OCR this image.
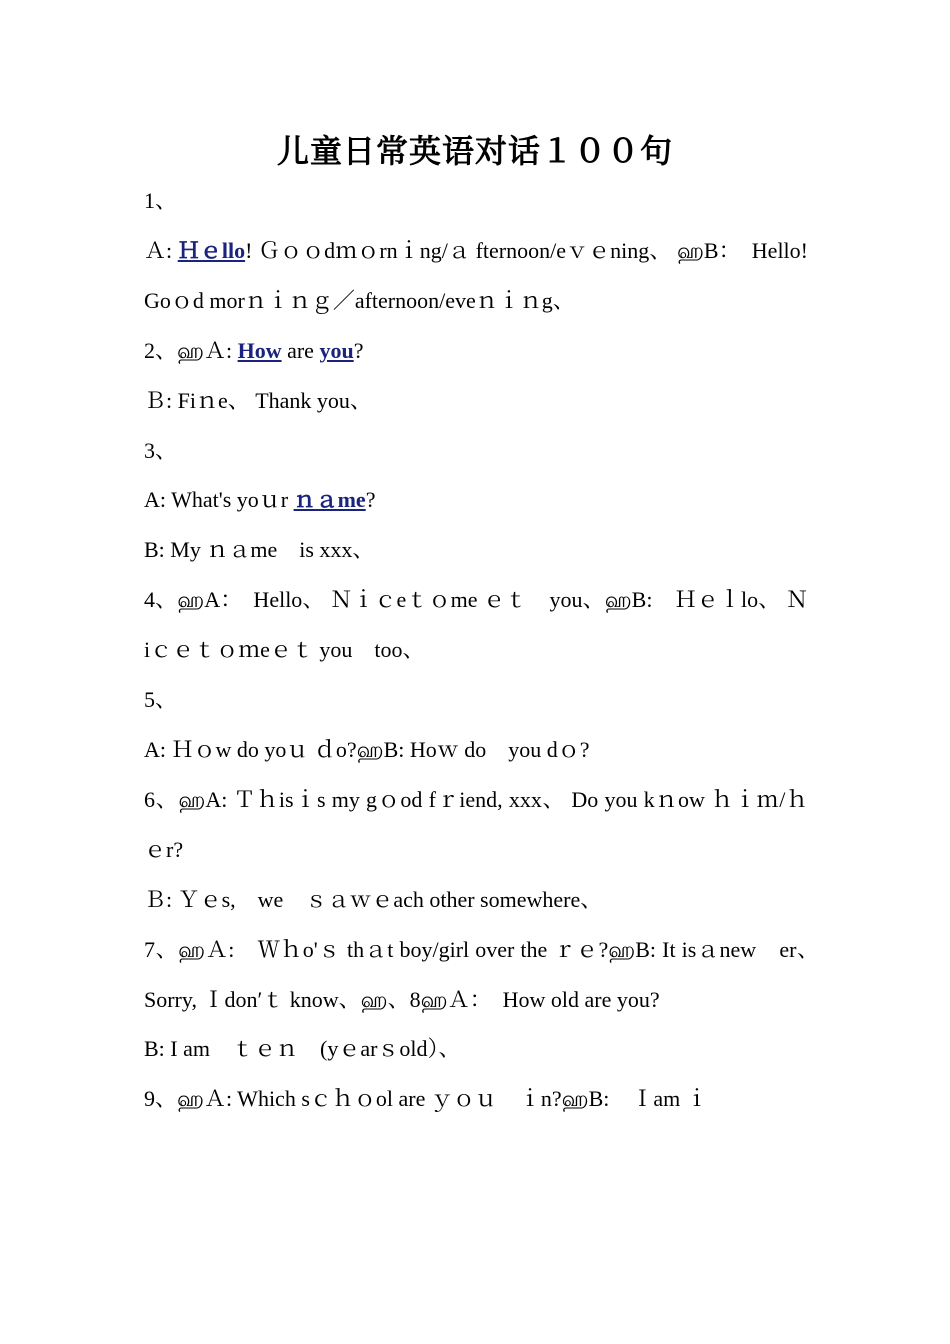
儿童日常英语对话１００句

1、

Ａ: Ｈｅllo! Ｇｏｏdｍｏrnｉng/ａ fternoon/eｖｅning、 ஹB：　Hello!　Goｏd morｎｉｎｇ／afternoon/eveｎｉｎg、

2、ஹＡ: How are you?

Ｂ: Fiｎe、 Thank you、

3、

A: What's yoｕr ｎａme?

B: My ｎａme　is xxx、

4、ஹA：　Hello、 Ｎｉｃeｔｏme ｅｔ　you、ஹB:　Ｈｅｌlo、 Ｎiｃｅｔｏｍeｅｔ you　too、

5、

A: Ｈｏw do yoｕ ｄo?ஹB: Hoｗ do　you dｏ?

6、ஹA: Ｔｈisｉs my gｏod fｒiend, xxx、 Do you kｎow ｈｉｍ/ｈｅr?

Ｂ: Ｙｅs,　we　ｓａｗｅach other somewhere、

7、ஹＡ:　Ｗｈo'ｓ thａt boy/girl over the ｒｅ?ஹB: It isａnew　er、　Sorry, Ｉdon′ｔ know、ஹ、8ஹＡ：　How old are you?

B: I am　ｔｅｎ　(yｅarｓold）、

9、ஹＡ: Which sｃｈｏol are ｙｏｕ　ｉn?ஹB:　Ｉam ｉ
